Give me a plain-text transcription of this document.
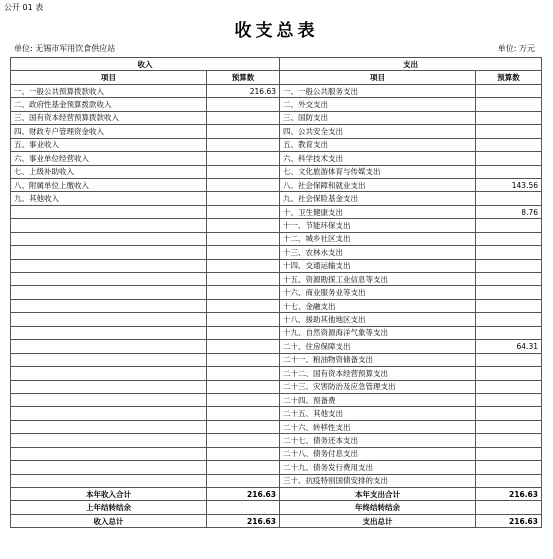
公开 01 表
收支总表
单位: 无锡市军用饮食供应站	单位: 万元
收入		支出	
项目	预算数	项目	预算数
一、一般公共预算拨款收入	216.63	一、一般公共服务支出	
二、政府性基金预算拨款收入		二、外交支出	
三、国有资本经营预算拨款收入		三、国防支出	
四、财政专户管理资金收入		四、公共安全支出	
五、事业收入		五、教育支出	
六、事业单位经营收入		六、科学技术支出	
七、上级补助收入		七、文化旅游体育与传媒支出	
八、附属单位上缴收入		八、社会保障和就业支出	143.56
九、其他收入		九、社会保险基金支出	
		十、卫生健康支出	8.76
		十一、节能环保支出	
		十二、城乡社区支出	
		十三、农林水支出	
		十四、交通运输支出	
		十五、资源勘探工业信息等支出	
		十六、商业服务业等支出	
		十七、金融支出	
		十八、援助其他地区支出	
		十九、自然资源海洋气象等支出	
		二十、住房保障支出	64.31
		二十一、粮油物资储备支出	
		二十二、国有资本经营预算支出	
		二十三、灾害防治及应急管理支出	
		二十四、预备费	
		二十五、其他支出	
		二十六、转移性支出	
		二十七、债务还本支出	
		二十八、债务付息支出	
		二十九、债务发行费用支出	
		三十、抗疫特别国债安排的支出	
本年收入合计	216.63	本年支出合计	216.63
上年结转结余		年终结转结余	
收入总计	216.63	支出总计	216.63
